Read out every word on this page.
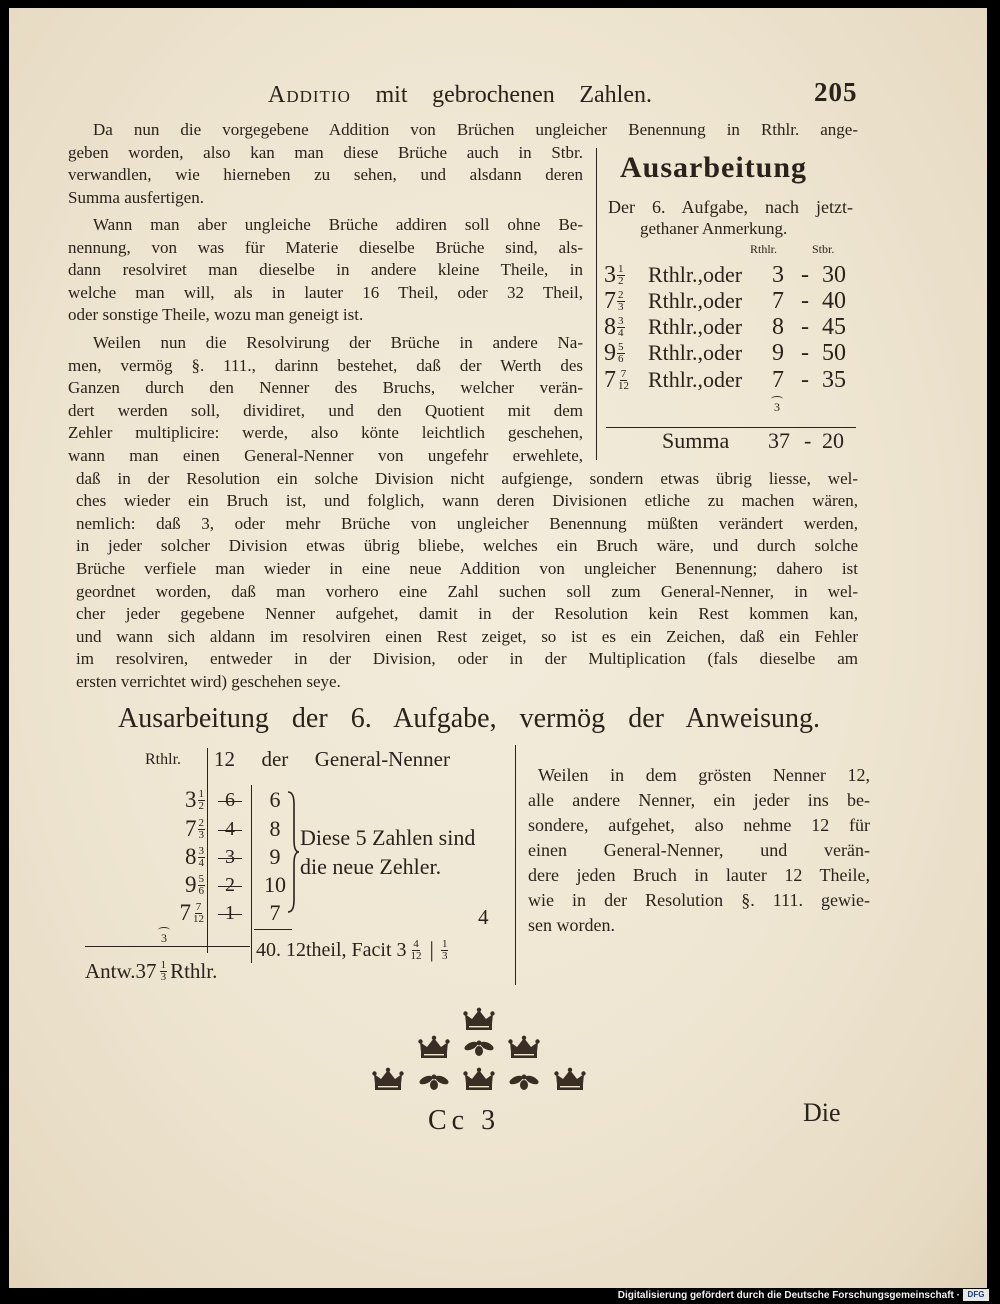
Additio mit gebrochenen Zahlen.	205
Da nun die vorgegebene Addition von Brüchen ungleicher Benennung in Rthlr. ange-
geben worden, also kan man diese Brüche auch in Stbr.
verwandlen, wie hierneben zu sehen, und alsdann deren
Summa ausfertigen.
Wann man aber ungleiche Brüche addiren soll ohne Be-
nennung, von was für Materie dieselbe Brüche sind, als-
dann resolviret man dieselbe in andere kleine Theile, in
welche man will, als in lauter 16 Theil, oder 32 Theil,
oder sonstige Theile, wozu man geneigt ist.
Weilen nun die Resolvirung der Brüche in andere Na-
men, vermög §. 111., darinn bestehet, daß der Werth des
Ganzen durch den Nenner des Bruchs, welcher verän-
dert werden soll, dividiret, und den Quotient mit dem
Zehler multiplicire: werde, also könte leichtlich geschehen,
wann man einen General-Nenner von ungefehr erwehlete,
daß in der Resolution ein solche Division nicht aufgienge, sondern etwas übrig liesse, wel-
ches wieder ein Bruch ist, und folglich, wann deren Divisionen etliche zu machen wären,
nemlich: daß 3, oder mehr Brüche von ungleicher Benennung müßten verändert werden,
in jeder solcher Division etwas übrig bliebe, welches ein Bruch wäre, und durch solche
Brüche verfiele man wieder in eine neue Addition von ungleicher Benennung; dahero ist
geordnet worden, daß man vorhero eine Zahl suchen soll zum General-Nenner, in wel-
cher jeder gegebene Nenner aufgehet, damit in der Resolution kein Rest kommen kan,
und wann sich aldann im resolviren einen Rest zeiget, so ist es ein Zeichen, daß ein Fehler
im resolviren, entweder in der Division, oder in der Multiplication (fals dieselbe am
ersten verrichtet wird) geschehen seye.
Ausarbeitung
Der 6. Aufgabe, nach jetzt-
gethaner Anmerkung.
Rthlr.	Stbr.
$3 \frac{1}{2}$ Rthlr.,oder 3 - 30
$7 \frac{2}{3}$ Rthlr.,oder 7 - 40
$8 \frac{3}{4}$ Rthlr.,oder 8 - 45
$9 \frac{5}{6}$ Rthlr.,oder 9 - 50
$7 \frac{7}{12}$ Rthlr.,oder 7 - 35
3
Summa 37 - 20
Ausarbeitung der 6. Aufgabe, vermög der Anweisung.
Rthlr. 12 der General-Nenner
$3 \frac{1}{2}$	6	6
$7 \frac{2}{3}$	4	8
$8 \frac{3}{4}$	3	9
$9 \frac{5}{6}$	2	10
$7 \frac{7}{12}$	1	7
3
Diese 5 Zahlen sind
die neue Zehler.
4
40. 12theil, Facit $3 \frac{4}{12}$ | $\frac{1}{3}$
Antw.37 $\frac{1}{3}$ Rthlr.
Weilen in dem grösten Nenner 12,
alle andere Nenner, ein jeder ins be-
sondere, aufgehet, also nehme 12 für
einen General-Nenner, und verän-
dere jeden Bruch in lauter 12 Theile,
wie in der Resolution §. 111. gewie-
sen worden.
Cc 3	Die
Digitalisierung gefördert durch die Deutsche Forschungsgemeinschaft · DFG
